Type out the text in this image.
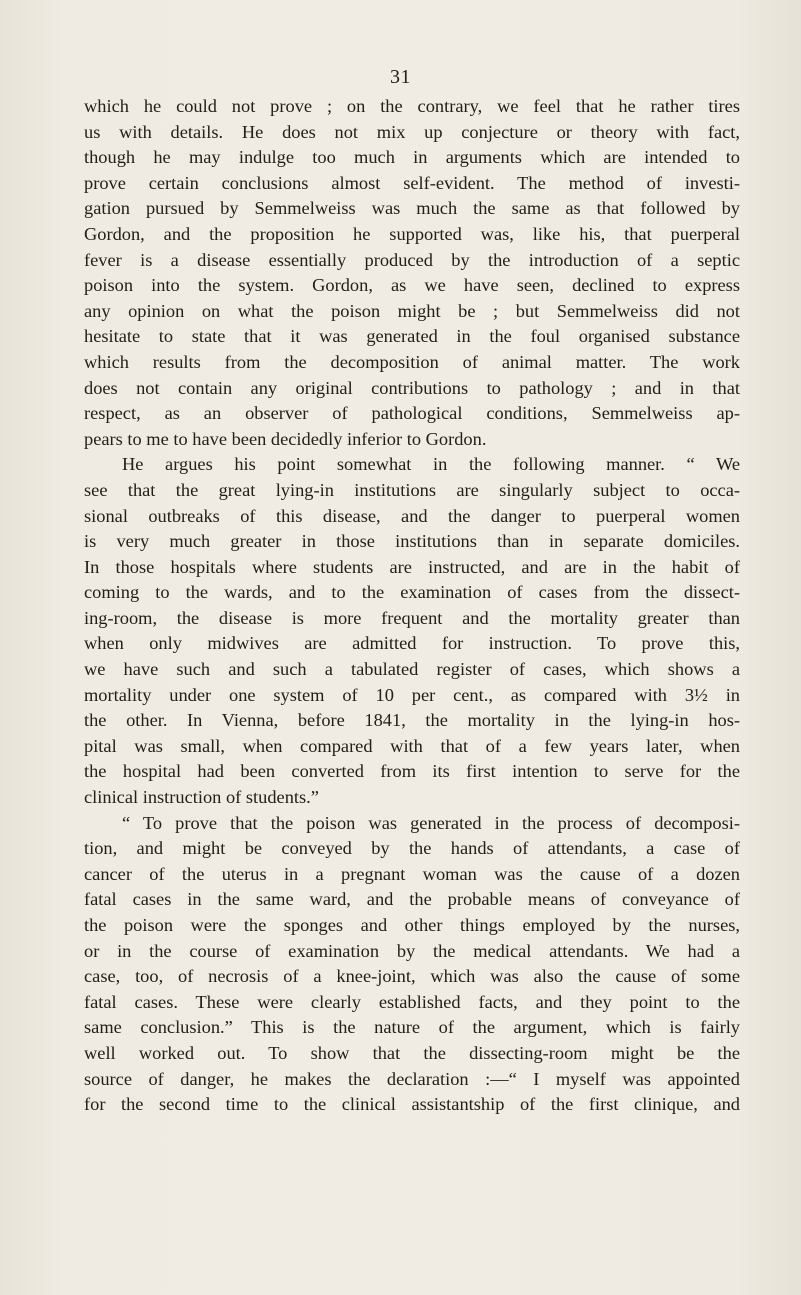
31
which he could not prove ; on the contrary, we feel that he rather tires
us with details. He does not mix up conjecture or theory with fact,
though he may indulge too much in arguments which are intended to
prove certain conclusions almost self-evident. The method of investi-
gation pursued by Semmelweiss was much the same as that followed by
Gordon, and the proposition he supported was, like his, that puerperal
fever is a disease essentially produced by the introduction of a septic
poison into the system. Gordon, as we have seen, declined to express
any opinion on what the poison might be ; but Semmelweiss did not
hesitate to state that it was generated in the foul organised substance
which results from the decomposition of animal matter. The work
does not contain any original contributions to pathology ; and in that
respect, as an observer of pathological conditions, Semmelweiss ap-
pears to me to have been decidedly inferior to Gordon.
He argues his point somewhat in the following manner. “ We
see that the great lying-in institutions are singularly subject to occa-
sional outbreaks of this disease, and the danger to puerperal women
is very much greater in those institutions than in separate domiciles.
In those hospitals where students are instructed, and are in the habit of
coming to the wards, and to the examination of cases from the dissect-
ing-room, the disease is more frequent and the mortality greater than
when only midwives are admitted for instruction. To prove this,
we have such and such a tabulated register of cases, which shows a
mortality under one system of 10 per cent., as compared with 3½ in
the other. In Vienna, before 1841, the mortality in the lying-in hos-
pital was small, when compared with that of a few years later, when
the hospital had been converted from its first intention to serve for the
clinical instruction of students.”
“ To prove that the poison was generated in the process of decomposi-
tion, and might be conveyed by the hands of attendants, a case of
cancer of the uterus in a pregnant woman was the cause of a dozen
fatal cases in the same ward, and the probable means of conveyance of
the poison were the sponges and other things employed by the nurses,
or in the course of examination by the medical attendants. We had a
case, too, of necrosis of a knee-joint, which was also the cause of some
fatal cases. These were clearly established facts, and they point to the
same conclusion.” This is the nature of the argument, which is fairly
well worked out. To show that the dissecting-room might be the
source of danger, he makes the declaration :—“ I myself was appointed
for the second time to the clinical assistantship of the first clinique, and
